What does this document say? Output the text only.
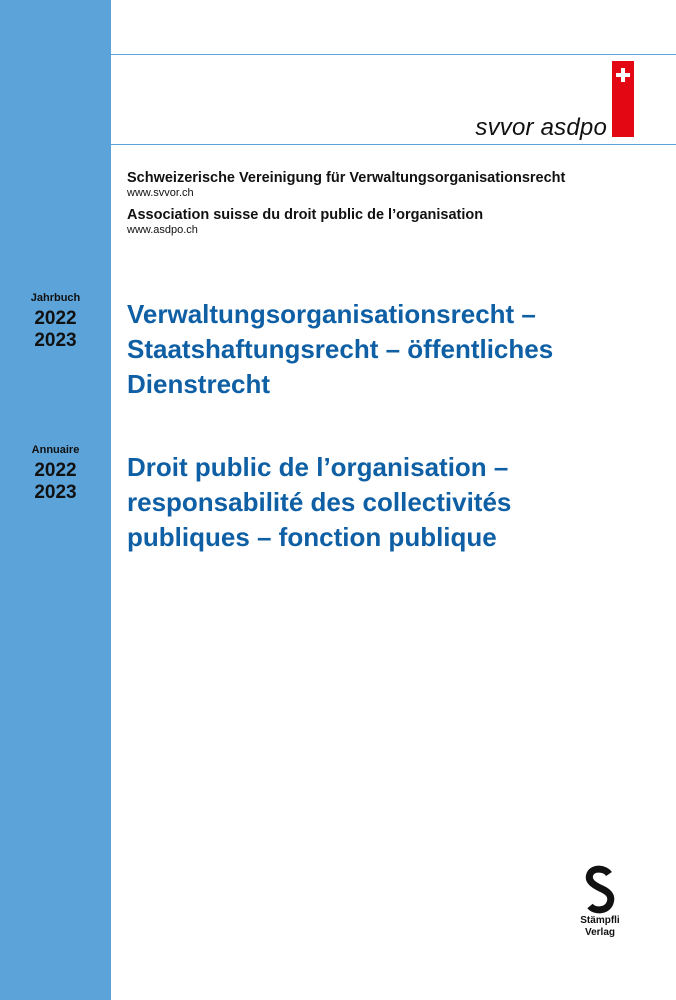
svvor asdpo
Schweizerische Vereinigung für Verwaltungsorganisationsrecht
www.svvor.ch
Association suisse du droit public de l’organisation
www.asdpo.ch
Jahrbuch
2022
2023
Annuaire
2022
2023
Verwaltungsorganisationsrecht –
Staatshaftungsrecht – öffentliches
Dienstrecht
Droit public de l’organisation –
responsabilité des collectivités
publiques – fonction publique
Stämpfli
Verlag
